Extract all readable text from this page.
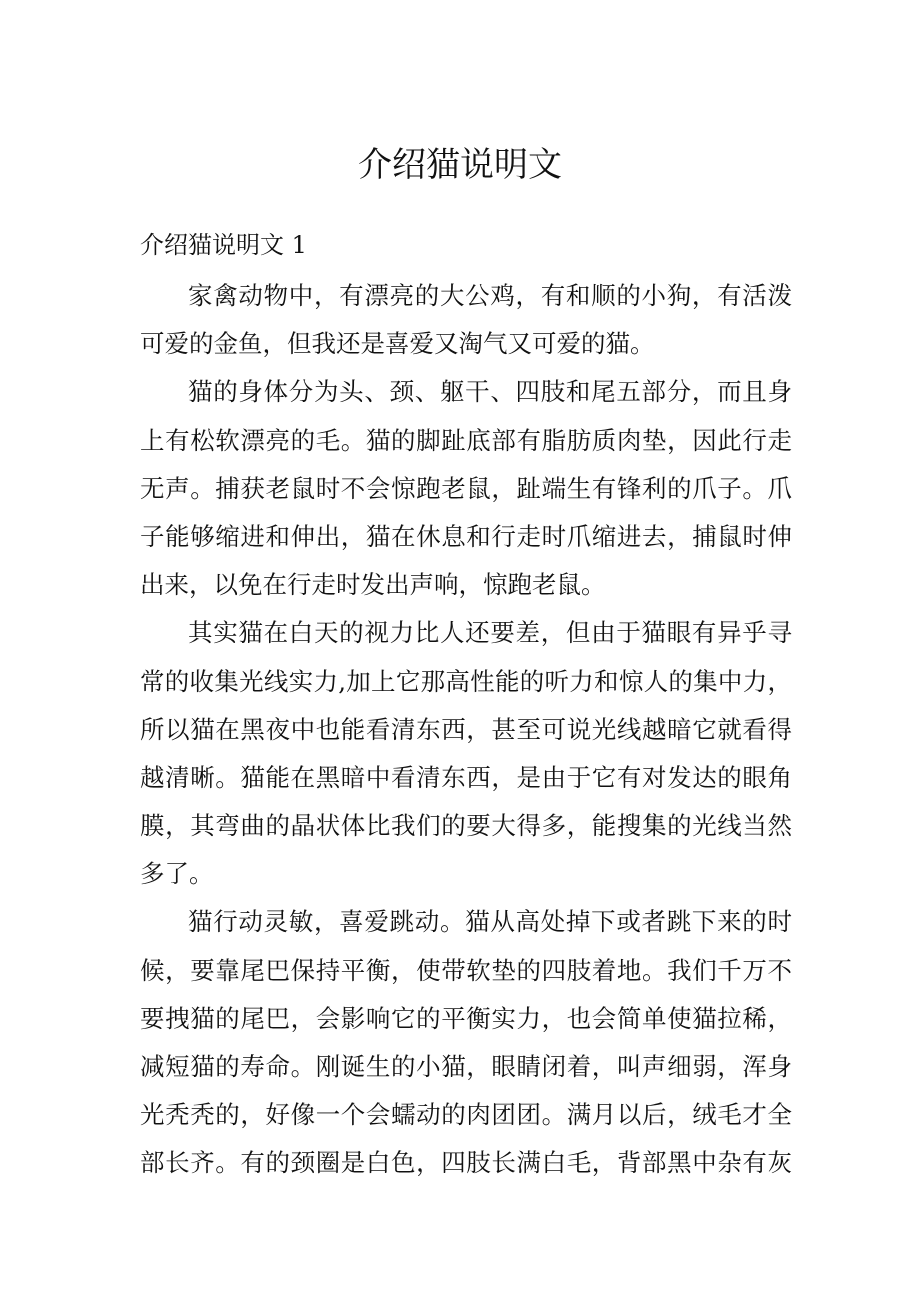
介绍猫说明文
介绍猫说明文 1
家禽动物中，有漂亮的大公鸡，有和顺的小狗，有活泼
可爱的金鱼，但我还是喜爱又淘气又可爱的猫。
猫的身体分为头、颈、躯干、四肢和尾五部分，而且身
上有松软漂亮的毛。猫的脚趾底部有脂肪质肉垫，因此行走
无声。捕获老鼠时不会惊跑老鼠，趾端生有锋利的爪子。爪
子能够缩进和伸出，猫在休息和行走时爪缩进去，捕鼠时伸
出来，以免在行走时发出声响，惊跑老鼠。
其实猫在白天的视力比人还要差，但由于猫眼有异乎寻
常的收集光线实力,加上它那高性能的听力和惊人的集中力，
所以猫在黑夜中也能看清东西，甚至可说光线越暗它就看得
越清晰。猫能在黑暗中看清东西，是由于它有对发达的眼角
膜，其弯曲的晶状体比我们的要大得多，能搜集的光线当然
多了。
猫行动灵敏，喜爱跳动。猫从高处掉下或者跳下来的时
候，要靠尾巴保持平衡，使带软垫的四肢着地。我们千万不
要拽猫的尾巴，会影响它的平衡实力，也会简单使猫拉稀，
减短猫的寿命。刚诞生的小猫，眼睛闭着，叫声细弱，浑身
光秃秃的，好像一个会蠕动的肉团团。满月以后，绒毛才全
部长齐。有的颈圈是白色，四肢长满白毛，背部黑中杂有灰
